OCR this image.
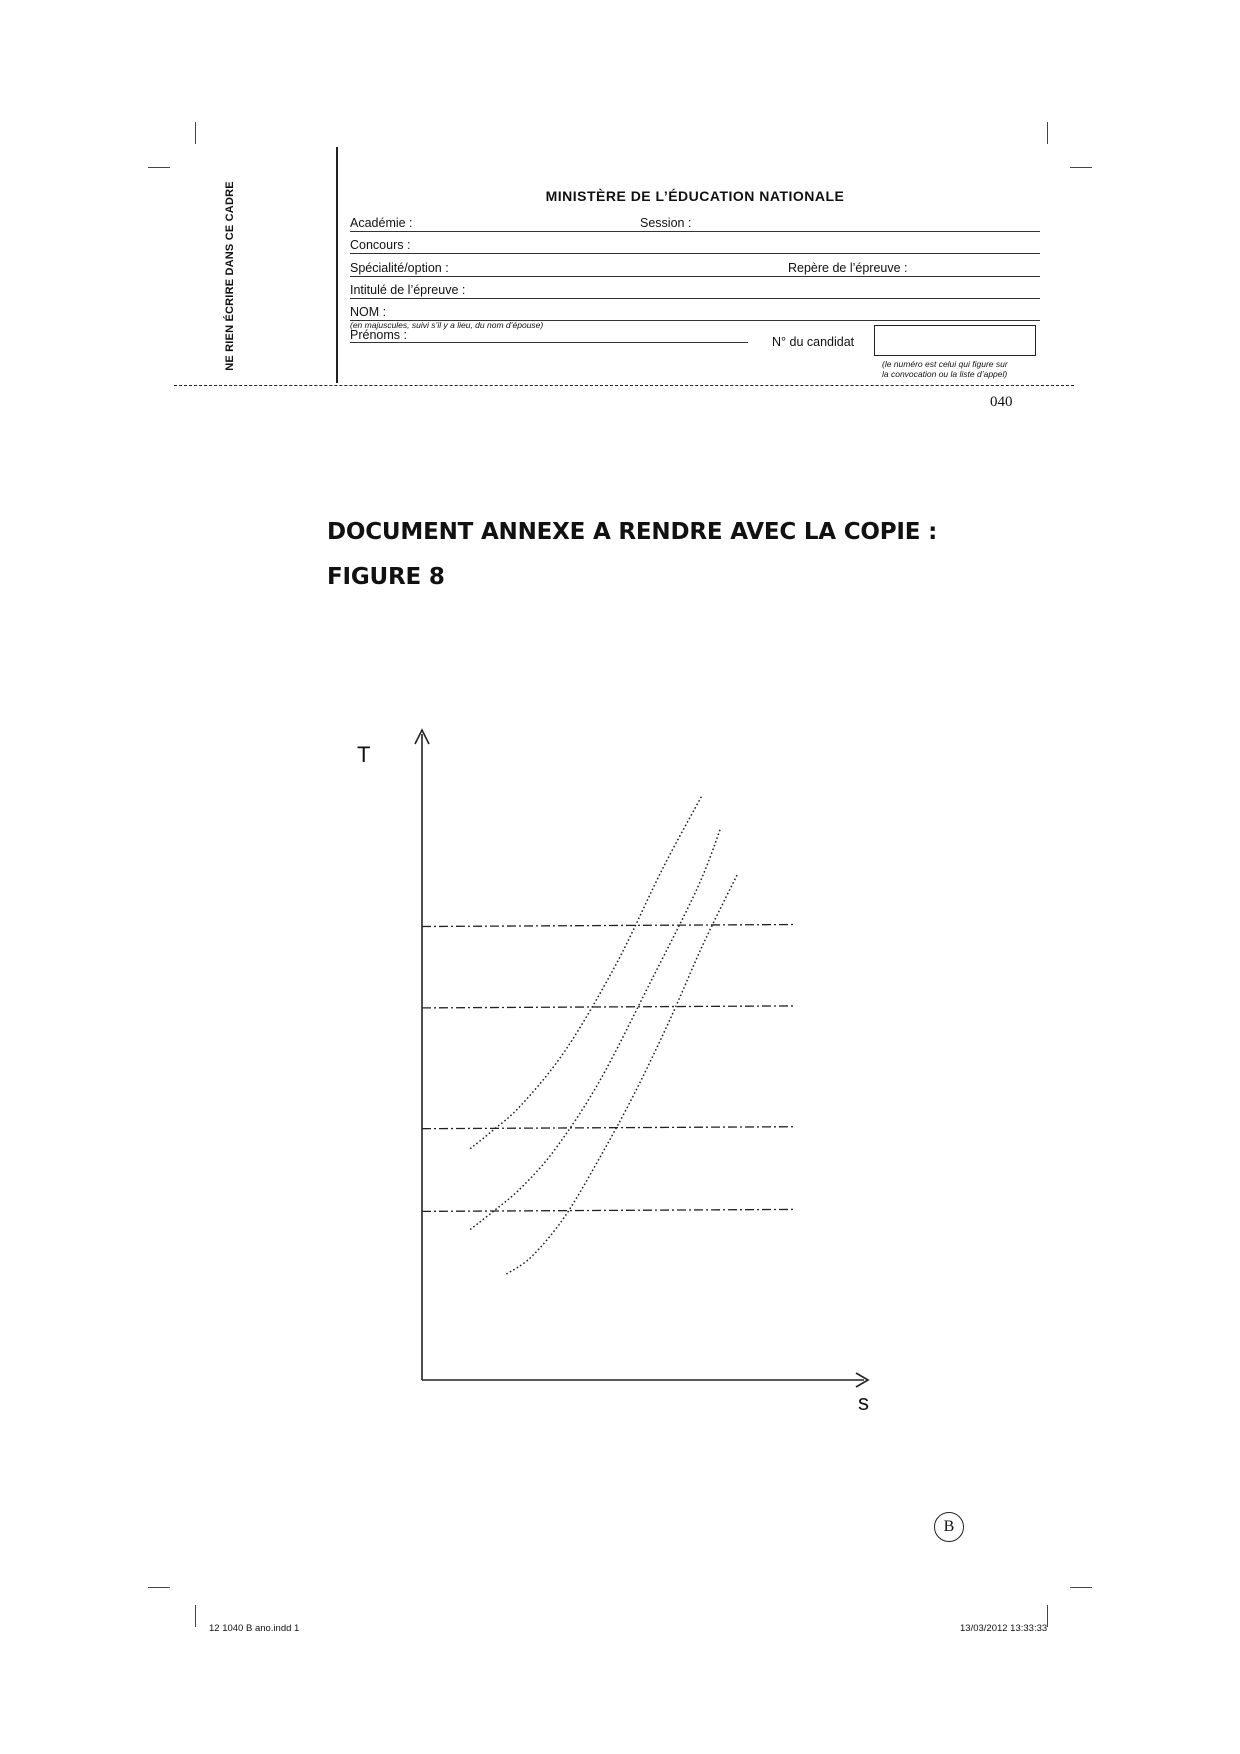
NE RIEN ÉCRIRE DANS CE CADRE	MINISTÈRE DE L’ÉDUCATION NATIONALE
Académie :	Session :
Concours :
Spécialité/option :	Repère de l’épreuve :
Intitulé de l’épreuve :
NOM :
(en majuscules, suivi s’il y a lieu, du nom d’épouse)
Prénoms :	N° du candidat
(le numéro est celui qui figure sur
la convocation ou la liste d’appel)
040
DOCUMENT ANNEXE A RENDRE AVEC LA COPIE :
FIGURE 8
T
s
B
12 1040 B ano.indd 1	13/03/2012 13:33:33
